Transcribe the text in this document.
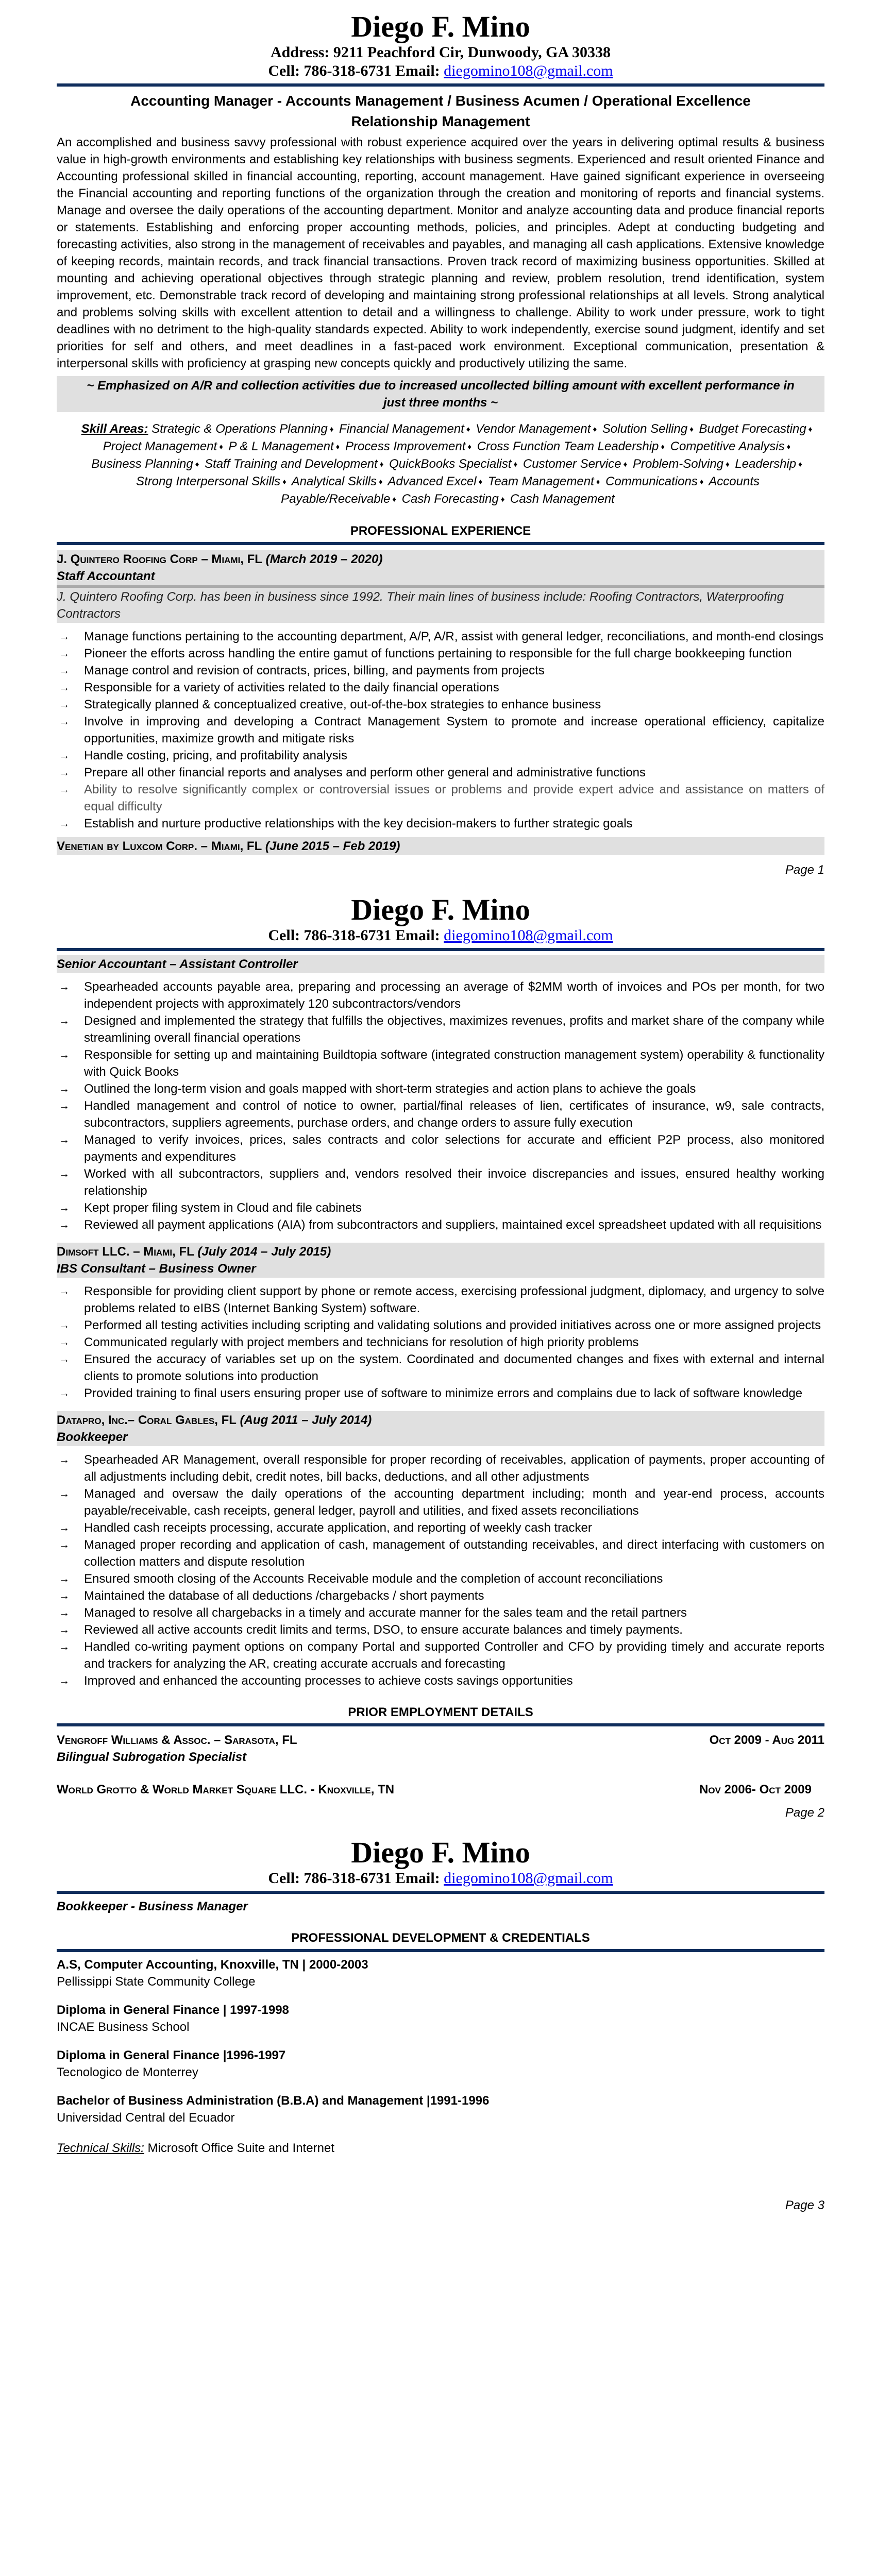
Diego F. Mino
Address: 9211 Peachford Cir, Dunwoody, GA 30338
Cell: 786-318-6731 Email: diegomino108@gmail.com
Accounting Manager - Accounts Management / Business Acumen / Operational Excellence
Relationship Management
An accomplished and business savvy professional with robust experience acquired over the years in delivering optimal results & business value in high-growth environments and establishing key relationships with business segments. Experienced and result oriented Finance and Accounting professional skilled in financial accounting, reporting, account management. Have gained significant experience in overseeing the Financial accounting and reporting functions of the organization through the creation and monitoring of reports and financial systems. Manage and oversee the daily operations of the accounting department. Monitor and analyze accounting data and produce financial reports or statements. Establishing and enforcing proper accounting methods, policies, and principles. Adept at conducting budgeting and forecasting activities, also strong in the management of receivables and payables, and managing all cash applications. Extensive knowledge of keeping records, maintain records, and track financial transactions. Proven track record of maximizing business opportunities. Skilled at mounting and achieving operational objectives through strategic planning and review, problem resolution, trend identification, system improvement, etc. Demonstrable track record of developing and maintaining strong professional relationships at all levels. Strong analytical and problems solving skills with excellent attention to detail and a willingness to challenge. Ability to work under pressure, work to tight deadlines with no detriment to the high-quality standards expected. Ability to work independently, exercise sound judgment, identify and set priorities for self and others, and meet deadlines in a fast-paced work environment. Exceptional communication, presentation & interpersonal skills with proficiency at grasping new concepts quickly and productively utilizing the same.
~ Emphasized on A/R and collection activities due to increased uncollected billing amount with excellent performance in just three months ~
Skill Areas: Strategic & Operations Planning ♦ Financial Management ♦ Vendor Management ♦ Solution Selling ♦ Budget Forecasting ♦ Project Management ♦ P & L Management ♦ Process Improvement ♦ Cross Function Team Leadership ♦ Competitive Analysis ♦ Business Planning ♦ Staff Training and Development ♦ QuickBooks Specialist ♦ Customer Service ♦ Problem-Solving ♦ Leadership ♦ Strong Interpersonal Skills ♦ Analytical Skills ♦ Advanced Excel ♦ Team Management ♦ Communications ♦ Accounts Payable/Receivable ♦ Cash Forecasting ♦ Cash Management
PROFESSIONAL EXPERIENCE
J. Quintero Roofing Corp – Miami, FL (March 2019 – 2020)
Staff Accountant
J. Quintero Roofing Corp. has been in business since 1992. Their main lines of business include: Roofing Contractors, Waterproofing Contractors
→ Manage functions pertaining to the accounting department, A/P, A/R, assist with general ledger, reconciliations, and month-end closings
→ Pioneer the efforts across handling the entire gamut of functions pertaining to responsible for the full charge bookkeeping function
→ Manage control and revision of contracts, prices, billing, and payments from projects
→ Responsible for a variety of activities related to the daily financial operations
→ Strategically planned & conceptualized creative, out-of-the-box strategies to enhance business
→ Involve in improving and developing a Contract Management System to promote and increase operational efficiency, capitalize opportunities, maximize growth and mitigate risks
→ Handle costing, pricing, and profitability analysis
→ Prepare all other financial reports and analyses and perform other general and administrative functions
→ Ability to resolve significantly complex or controversial issues or problems and provide expert advice and assistance on matters of equal difficulty
→ Establish and nurture productive relationships with the key decision-makers to further strategic goals
Venetian by Luxcom Corp. – Miami, FL (June 2015 – Feb 2019)
Page 1
Diego F. Mino
Cell: 786-318-6731 Email: diegomino108@gmail.com
Senior Accountant – Assistant Controller
→ Spearheaded accounts payable area, preparing and processing an average of $2MM worth of invoices and POs per month, for two independent projects with approximately 120 subcontractors/vendors
→ Designed and implemented the strategy that fulfills the objectives, maximizes revenues, profits and market share of the company while streamlining overall financial operations
→ Responsible for setting up and maintaining Buildtopia software (integrated construction management system) operability & functionality with Quick Books
→ Outlined the long-term vision and goals mapped with short-term strategies and action plans to achieve the goals
→ Handled management and control of notice to owner, partial/final releases of lien, certificates of insurance, w9, sale contracts, subcontractors, suppliers agreements, purchase orders, and change orders to assure fully execution
→ Managed to verify invoices, prices, sales contracts and color selections for accurate and efficient P2P process, also monitored payments and expenditures
→ Worked with all subcontractors, suppliers and, vendors resolved their invoice discrepancies and issues, ensured healthy working relationship
→ Kept proper filing system in Cloud and file cabinets
→ Reviewed all payment applications (AIA) from subcontractors and suppliers, maintained excel spreadsheet updated with all requisitions
Dimsoft LLC. – Miami, FL (July 2014 – July 2015)
IBS Consultant – Business Owner
→ Responsible for providing client support by phone or remote access, exercising professional judgment, diplomacy, and urgency to solve problems related to eIBS (Internet Banking System) software.
→ Performed all testing activities including scripting and validating solutions and provided initiatives across one or more assigned projects
→ Communicated regularly with project members and technicians for resolution of high priority problems
→ Ensured the accuracy of variables set up on the system. Coordinated and documented changes and fixes with external and internal clients to promote solutions into production
→ Provided training to final users ensuring proper use of software to minimize errors and complains due to lack of software knowledge
Datapro, Inc.– Coral Gables, FL (Aug 2011 – July 2014)
Bookkeeper
→ Spearheaded AR Management, overall responsible for proper recording of receivables, application of payments, proper accounting of all adjustments including debit, credit notes, bill backs, deductions, and all other adjustments
→ Managed and oversaw the daily operations of the accounting department including; month and year-end process, accounts payable/receivable, cash receipts, general ledger, payroll and utilities, and fixed assets reconciliations
→ Handled cash receipts processing, accurate application, and reporting of weekly cash tracker
→ Managed proper recording and application of cash, management of outstanding receivables, and direct interfacing with customers on collection matters and dispute resolution
→ Ensured smooth closing of the Accounts Receivable module and the completion of account reconciliations
→ Maintained the database of all deductions /chargebacks / short payments
→ Managed to resolve all chargebacks in a timely and accurate manner for the sales team and the retail partners
→ Reviewed all active accounts credit limits and terms, DSO, to ensure accurate balances and timely payments.
→ Handled co-writing payment options on company Portal and supported Controller and CFO by providing timely and accurate reports and trackers for analyzing the AR, creating accurate accruals and forecasting
→ Improved and enhanced the accounting processes to achieve costs savings opportunities
PRIOR EMPLOYMENT DETAILS
Vengroff Williams & Assoc. – Sarasota, FL	Oct 2009 - Aug 2011
Bilingual Subrogation Specialist
World Grotto & World Market Square LLC. - Knoxville, TN	Nov 2006- Oct 2009
Page 2
Diego F. Mino
Cell: 786-318-6731 Email: diegomino108@gmail.com
Bookkeeper - Business Manager
PROFESSIONAL DEVELOPMENT & CREDENTIALS
A.S, Computer Accounting, Knoxville, TN | 2000-2003
Pellissippi State Community College
Diploma in General Finance | 1997-1998
INCAE Business School
Diploma in General Finance |1996-1997
Tecnologico de Monterrey
Bachelor of Business Administration (B.B.A) and Management |1991-1996
Universidad Central del Ecuador
Technical Skills: Microsoft Office Suite and Internet
Page 3
